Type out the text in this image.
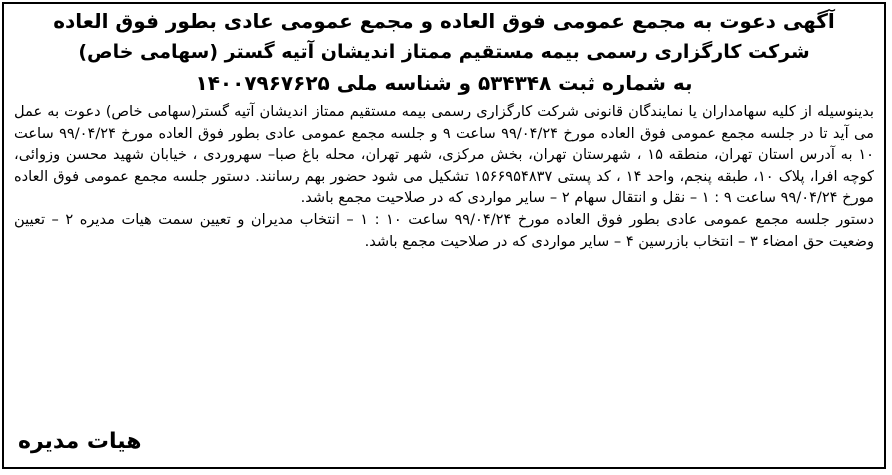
آگهی دعوت به مجمع عمومی فوق العاده و مجمع عمومی عادی بطور فوق العاده
شرکت کارگزاری رسمی بیمه مستقیم ممتاز اندیشان آتیه گستر (سهامی خاص)
به شماره ثبت ۵۳۴۳۴۸ و شناسه ملی ۱۴۰۰۷۹۶۷۶۲۵

بدینوسیله از کلیه سهامداران یا نمایندگان قانونی شرکت کارگزاری رسمی بیمه مستقیم ممتاز اندیشان آتیه گستر(سهامی خاص) دعوت به عمل می آید تا در جلسه مجمع عمومی فوق العاده مورخ ۹۹/۰۴/۲۴ ساعت ۹ و جلسه مجمع عمومی عادی بطور فوق العاده مورخ ۹۹/۰۴/۲۴ ساعت ۱۰ به آدرس استان تهران، منطقه ۱۵ ، شهرستان تهران، بخش مرکزی، شهر تهران، محله باغ صبا– سهروردی ، خیابان شهید محسن وزوائی، کوچه افرا، پلاک ۱۰، طبقه پنجم، واحد ۱۴ ، کد پستی ۱۵۶۶۹۵۴۸۳۷ تشکیل می شود حضور بهم رسانند. دستور جلسه مجمع عمومی فوق العاده مورخ ۹۹/۰۴/۲۴ ساعت ۹ : ۱ – نقل و انتقال سهام ۲ – سایر مواردی که در صلاحیت مجمع باشد.

دستور جلسه مجمع عمومی عادی بطور فوق العاده مورخ ۹۹/۰۴/۲۴ ساعت ۱۰ : ۱ – انتخاب مدیران و تعیین سمت هیات مدیره ۲ – تعیین وضعیت حق امضاء ۳ – انتخاب بازرسین ۴ – سایر مواردی که در صلاحیت مجمع باشد.

هیات مدیره
